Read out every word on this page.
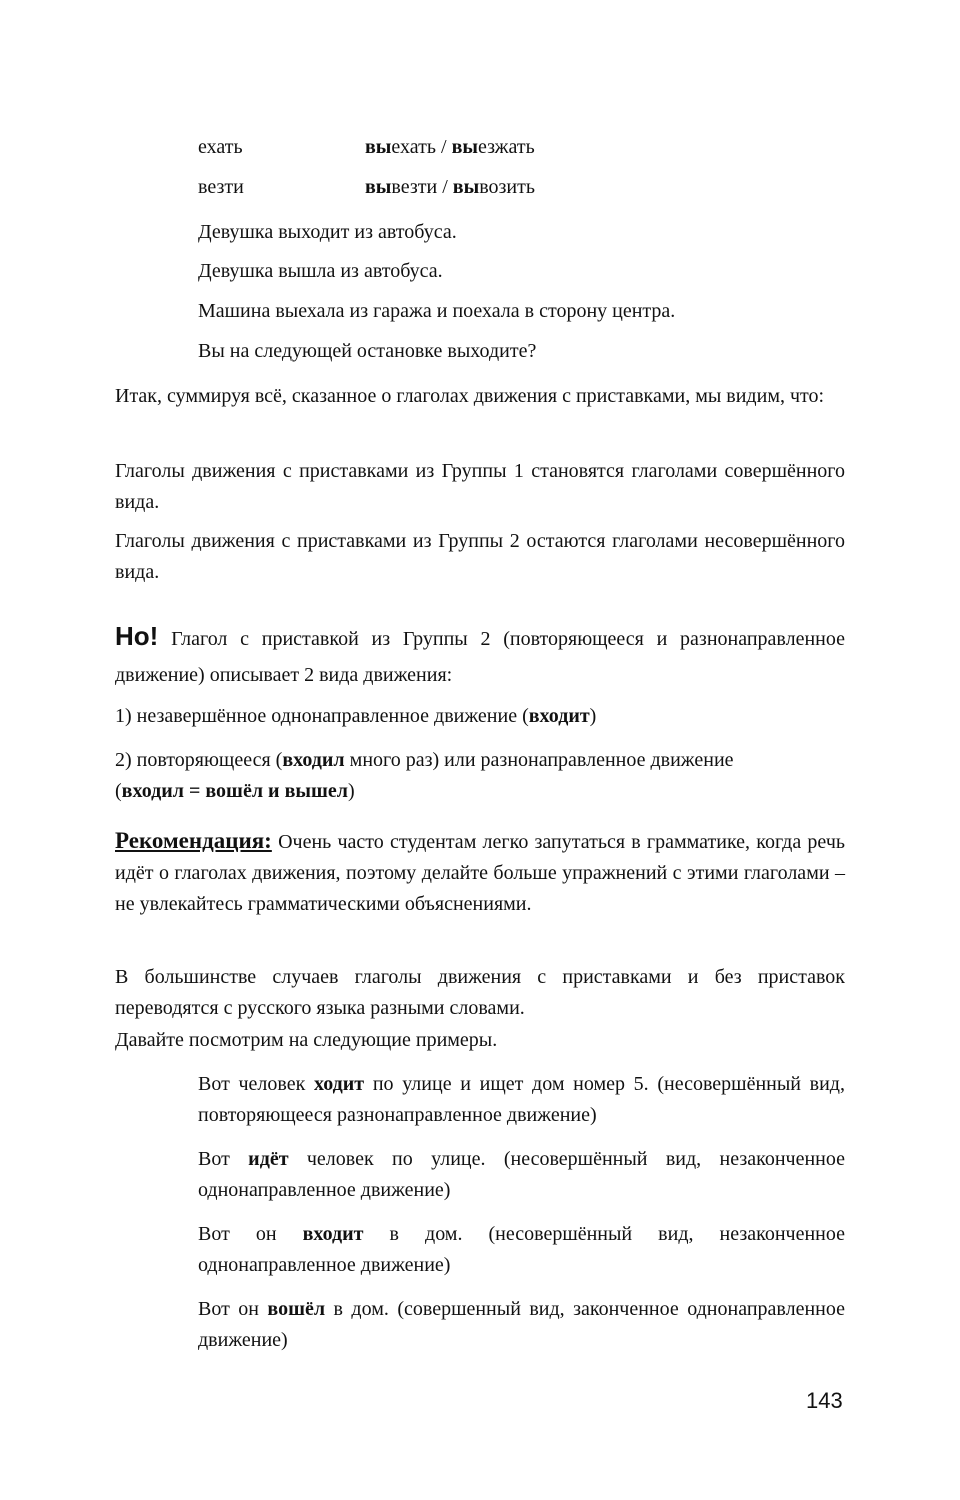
ехать	выехать / выезжать
везти	вывезти / вывозить
Девушка выходит из автобуса.
Девушка вышла из автобуса.
Машина выехала из гаража и поехала в сторону центра.
Вы на следующей остановке выходите?
Итак, суммируя всё, сказанное о глаголах движения с приставками, мы видим, что:
Глаголы движения с приставками из Группы 1 становятся глаголами совершённого вида.
Глаголы движения с приставками из Группы 2 остаются глаголами несовершённого вида.
Но! Глагол с приставкой из Группы 2 (повторяющееся и разнонаправленное движение) описывает 2 вида движения:
1) незавершённое однонаправленное движение (входит)
2) повторяющееся (входил много раз) или разнонаправленное движение
(входил = вошёл и вышел)
Рекомендация: Очень часто студентам легко запутаться в грамматике, когда речь идёт о глаголах движения, поэтому делайте больше упражнений с этими глаголами – не увлекайтесь грамматическими объяснениями.
В большинстве случаев глаголы движения с приставками и без приставок переводятся с русского языка разными словами.
Давайте посмотрим на следующие примеры.
Вот человек ходит по улице и ищет дом номер 5. (несовершённый вид, повторяющееся разнонаправленное движение)
Вот идёт человек по улице. (несовершённый вид, незаконченное однонаправленное движение)
Вот он входит в дом. (несовершённый вид, незаконченное однонаправленное движение)
Вот он вошёл в дом. (совершенный вид, законченное однонаправленное движение)
143
